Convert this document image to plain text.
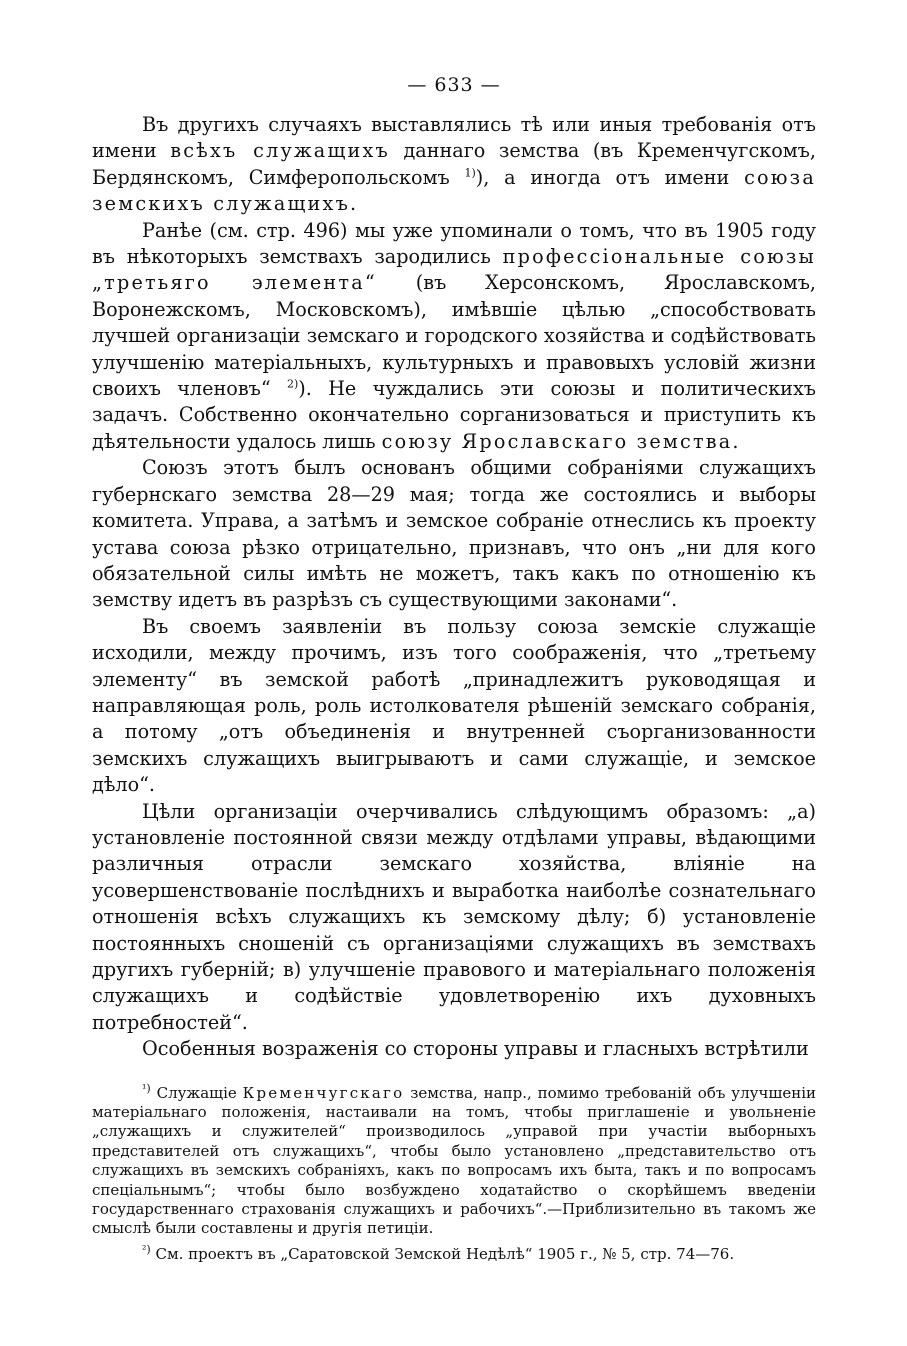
— 633 —

Въ другихъ случаяхъ выставлялись тѣ или иныя требованія отъ имени всѣхъ служащихъ даннаго земства (въ Кременчугскомъ, Бердянскомъ, Симферопольскомъ $^{1)}$), а иногда отъ имени союза земскихъ служащихъ.

Ранѣе (см. стр. 496) мы уже упоминали о томъ, что въ 1905 году въ нѣкоторыхъ земствахъ зародились профессіональные союзы „третьяго элемента“ (въ Херсонскомъ, Ярославскомъ, Воронежскомъ, Московскомъ), имѣвшіе цѣлью „способствовать лучшей организаціи земскаго и городского хозяйства и содѣйствовать улучшенію матеріальныхъ, культурныхъ и правовыхъ условій жизни своихъ членовъ“ $^{2)}$). Не чуждались эти союзы и политическихъ задачъ. Собственно окончательно сорганизоваться и приступить къ дѣятельности удалось лишь союзу Ярославскаго земства.

Союзъ этотъ былъ основанъ общими собраніями служащихъ губернскаго земства 28—29 мая; тогда же состоялись и выборы комитета. Управа, а затѣмъ и земское собраніе отнеслись къ проекту устава союза рѣзко отрицательно, признавъ, что онъ „ни для кого обязательной силы имѣть не можетъ, такъ какъ по отношенію къ земству идетъ въ разрѣзъ съ существующими законами“.

Въ своемъ заявленіи въ пользу союза земскіе служащіе исходили, между прочимъ, изъ того соображенія, что „третьему элементу“ въ земской работѣ „принадлежитъ руководящая и направляющая роль, роль истолкователя рѣшеній земскаго собранія, а потому „отъ объединенія и внутренней съорганизованности земскихъ служащихъ выигрываютъ и сами служащіе, и земское дѣло“.

Цѣли организаціи очерчивались слѣдующимъ образомъ: „а) установленіе постоянной связи между отдѣлами управы, вѣдающими различныя отрасли земскаго хозяйства, вліяніе на усовершенствованіе послѣднихъ и выработка наиболѣе сознательнаго отношенія всѣхъ служащихъ къ земскому дѣлу; б) установленіе постоянныхъ сношеній съ организаціями служащихъ въ земствахъ другихъ губерній; в) улучшеніе правового и матеріальнаго положенія служащихъ и содѣйствіе удовлетворенію ихъ духовныхъ потребностей“.

Особенныя возраженія со стороны управы и гласныхъ встрѣтили

$^{^1)}$ Служащіе Кременчугскаго земства, напр., помимо требованій объ улучшеніи матеріальнаго положенія, настаивали на томъ, чтобы приглашеніе и увольненіе „служащихъ и служителей“ производилось „управой при участіи выборныхъ представителей отъ служащихъ“, чтобы было установлено „представительство отъ служащихъ въ земскихъ собраніяхъ, какъ по вопросамъ ихъ быта, такъ и по вопросамъ спеціальнымъ“; чтобы было возбуждено ходатайство о скорѣйшемъ введеніи государственнаго страхованія служащихъ и рабочихъ“.—Приблизительно въ такомъ же смыслѣ были составлены и другія петиціи.

$^{^2)}$ См. проектъ въ „Саратовской Земской Недѣлѣ“ 1905 г., № 5, стр. 74—76.
